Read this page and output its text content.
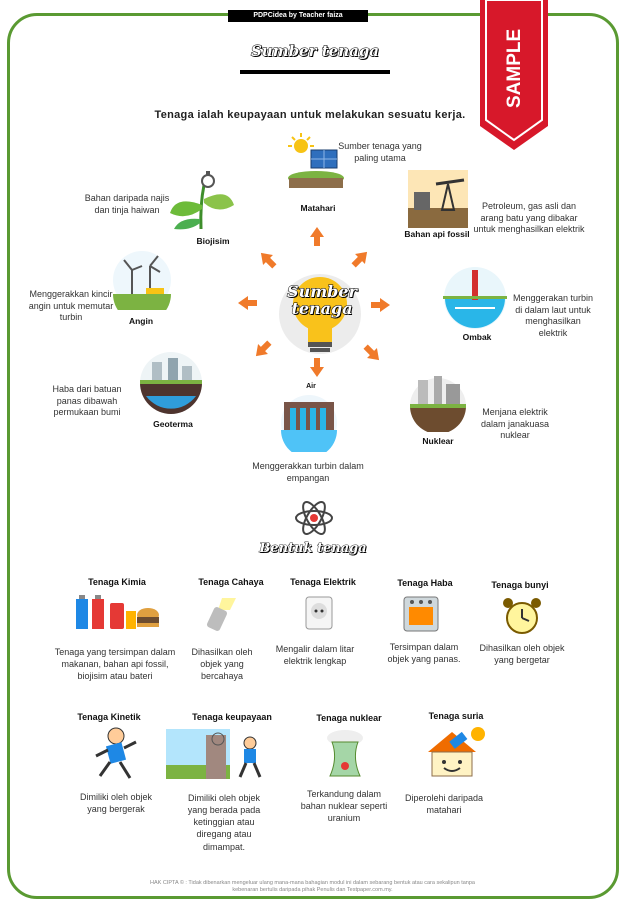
PDPCidea by Teacher faiza
Sumber tenaga	SAMPLE
Tenaga ialah keupayaan untuk melakukan sesuatu kerja.
Sumber
tenaga
Sumber tenaga yang paling utama
Matahari
Bahan api fossil
Petroleum, gas asli dan arang batu yang dibakar untuk menghasilkan elektrik
Ombak
Menggerakan turbin di dalam laut untuk menghasilkan elektrik
Nuklear
Menjana elektrik dalam janakuasa nuklear
Air
Menggerakkan turbin dalam empangan
Geoterma
Haba dari batuan panas dibawah permukaan bumi
Angin
Menggerakkan kincir angin untuk memutar turbin
Biojisim
Bahan daripada najis dan tinja haiwan
Bentuk tenaga
Tenaga Kimia
Tenaga yang tersimpan dalam makanan, bahan api fossil, biojisim atau bateri
Tenaga Cahaya
Dihasilkan oleh objek yang bercahaya
Tenaga Elektrik
Mengalir dalam litar elektrik lengkap
Tenaga Haba
Tersimpan dalam objek yang panas.
Tenaga bunyi
Dihasilkan oleh objek yang bergetar
Tenaga Kinetik
Dimiliki oleh objek yang bergerak
Tenaga keupayaan
Dimiliki oleh objek yang berada pada ketinggian atau diregang atau dimampat.
Tenaga nuklear
Terkandung dalam bahan nuklear seperti uranium
Tenaga suria
Diperolehi daripada matahari
HAK CIPTA © : Tidak dibenarkan mengeluar ulang mana-mana bahagian modul ini dalam sebarang bentuk atau cara sekalipun tanpa kebenaran bertulis daripada pihak Penulis dan Testpaper.com.my.
